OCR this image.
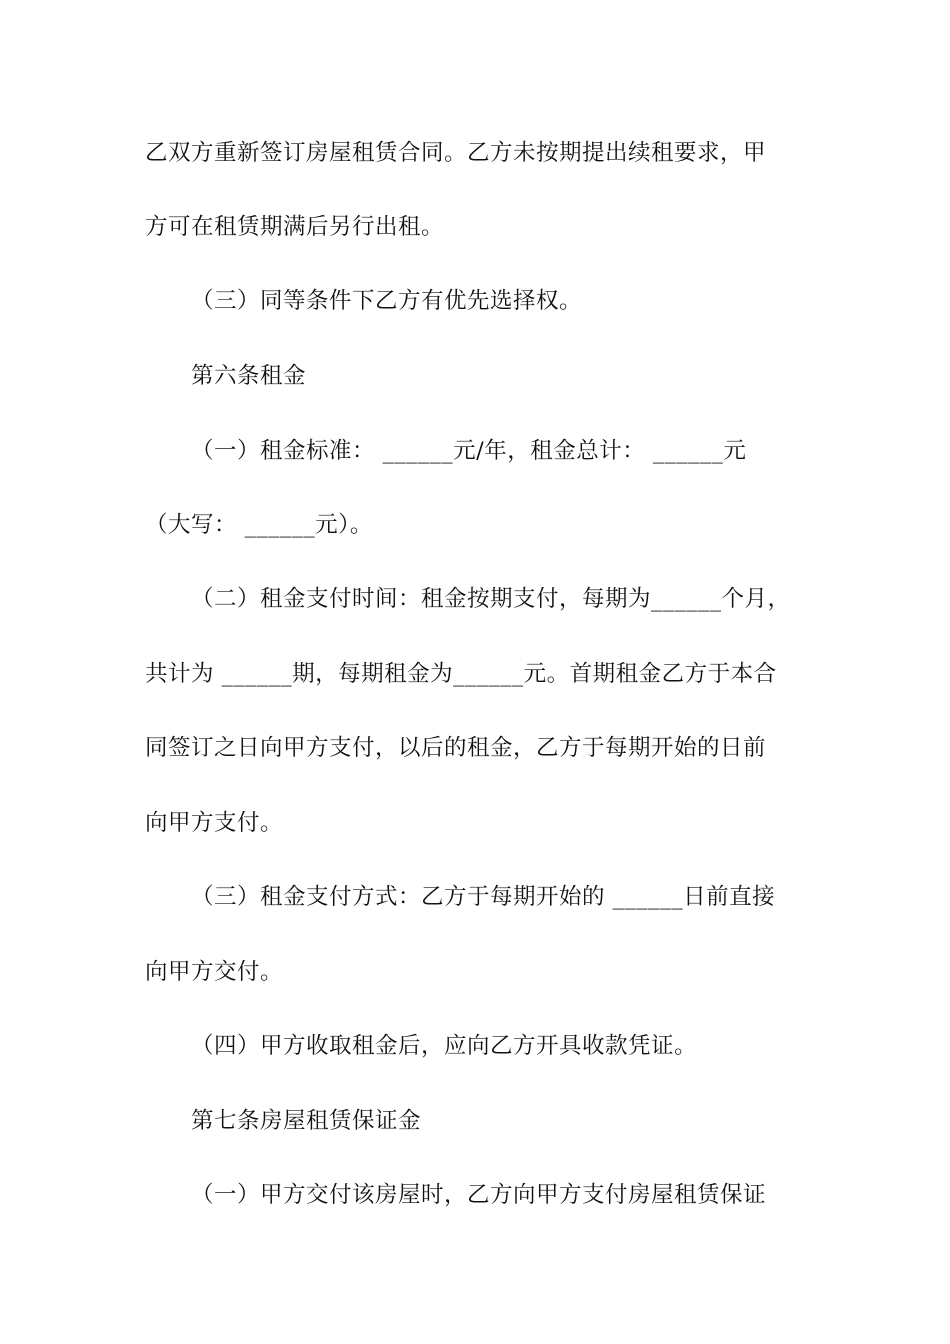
乙双方重新签订房屋租赁合同。乙方未按期提出续租要求，甲
方可在租赁期满后另行出租。
（三）同等条件下乙方有优先选择权。
第六条租金
（一）租金标准： ______元/年，租金总计： ______元
（大写： ______元）。
（二）租金支付时间：租金按期支付，每期为______个月，
共计为 ______期，每期租金为______元。首期租金乙方于本合
同签订之日向甲方支付，以后的租金，乙方于每期开始的日前
向甲方支付。
（三）租金支付方式：乙方于每期开始的 ______日前直接
向甲方交付。
（四）甲方收取租金后，应向乙方开具收款凭证。
第七条房屋租赁保证金
（一）甲方交付该房屋时，乙方向甲方支付房屋租赁保证
